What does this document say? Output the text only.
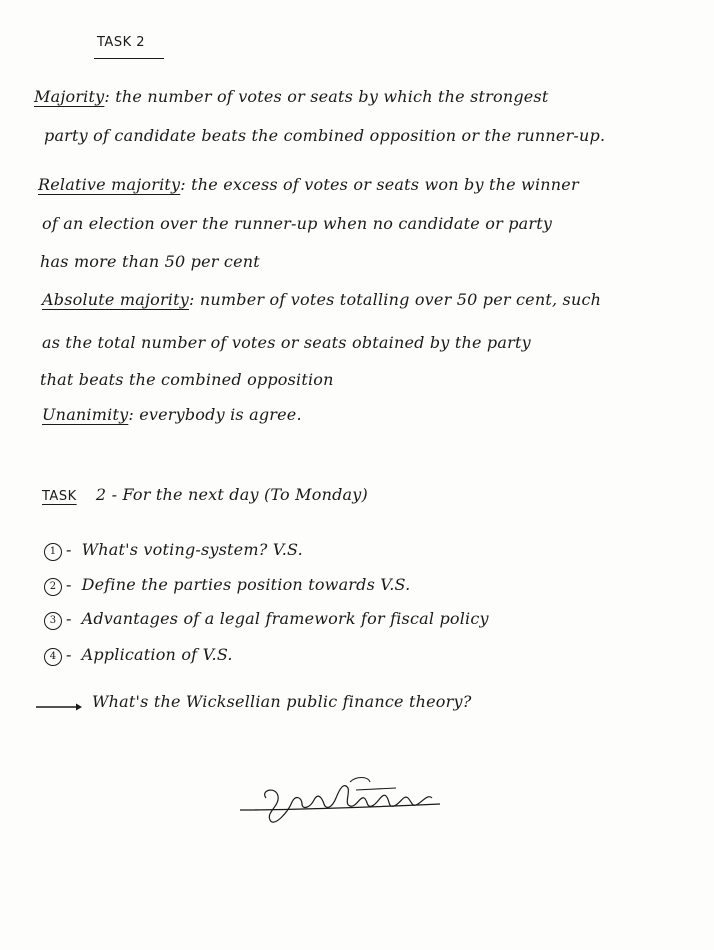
TASK 2
Majority: the number of votes or seats by which the strongest
party of candidate beats the combined opposition or the runner-up.
Relative majority: the excess of votes or seats won by the winner
of an election over the runner-up when no candidate or party
has more than 50 per cent
Absolute majority: number of votes totalling over 50 per cent, such
as the total number of votes or seats obtained by the party
that beats the combined opposition
Unanimity: everybody is agree.
TASK 2 - For the next day (To Monday)
1 - What's voting-system? V.S.
2 - Define the parties position towards V.S.
3 - Advantages of a legal framework for fiscal policy
4 - Application of V.S.
What's the Wicksellian public finance theory?
